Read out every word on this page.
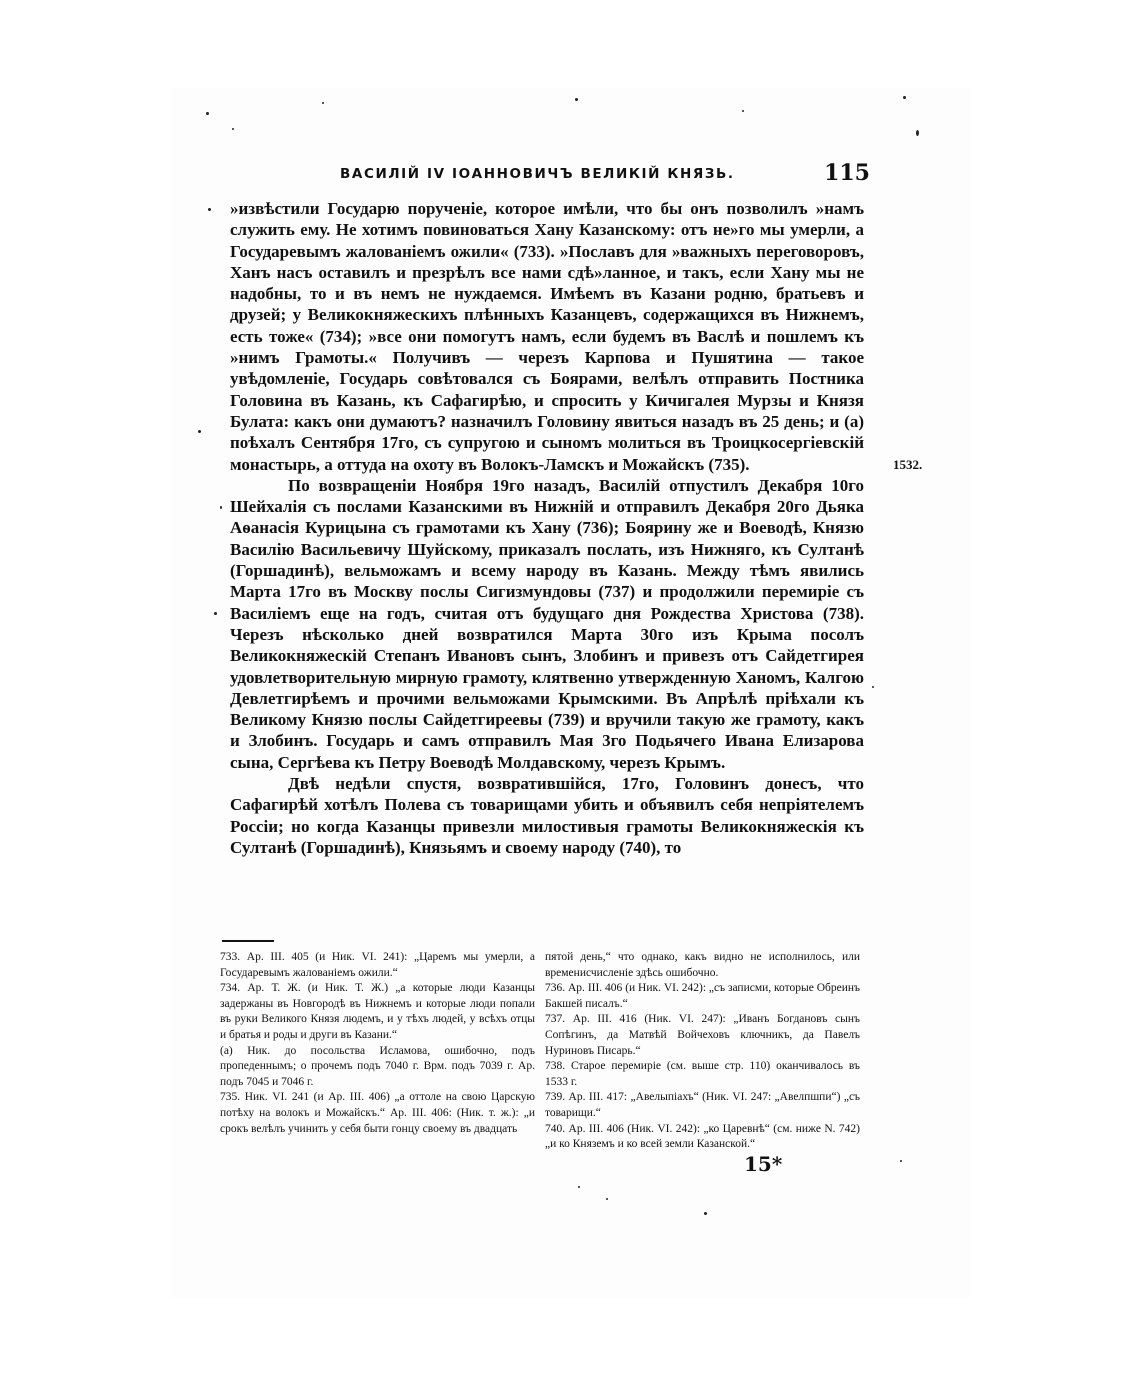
ВАСИЛІЙ IV ІОАННОВИЧЪ ВЕЛИКІЙ КНЯЗЬ.	115

»извѣстили Государю порученіе, которое имѣли, что бы онъ позволилъ »намъ служить ему. Не хотимъ повиноваться Хану Казанскому: отъ не»го мы умерли, а Государевымъ жалованіемъ ожили« (733). »Пославъ для »важныхъ переговоровъ, Ханъ насъ оставилъ и презрѣлъ все нами сдѣ»ланное, и такъ, если Хану мы не надобны, то и въ немъ не нуждаемся. Имѣемъ въ Казани родню, братьевъ и друзей; у Великокняжескихъ плѣнныхъ Казанцевъ, содержащихся въ Нижнемъ, есть тоже« (734); »все они помогутъ намъ, если будемъ въ Васлѣ и пошлемъ къ »нимъ Грамоты.« Получивъ — черезъ Карпова и Пушятина — такое увѣдомленіе, Государь совѣтовался съ Боярами, велѣлъ отправить Постника Головина въ Казань, къ Сафагирѣю, и спросить у Кичигалея Мурзы и Князя Булата: какъ они думаютъ? назначилъ Головину явиться назадъ въ 25 день; и (а) поѣхалъ Сентября 17го, съ супругою и сыномъ молиться въ Троицкосергіевскій монастырь, а оттуда на охоту въ Волокъ-Ламскъ и Можайскъ (735).

По возвращеніи Ноября 19го назадъ, Василій отпустилъ Декабря 10го Шейхалія съ послами Казанскими въ Нижній и отправилъ Декабря 20го Дьяка Аѳанасія Курицына съ грамотами къ Хану (736); Боярину же и Воеводѣ, Князю Василію Васильевичу Шуйскому, приказалъ послать, изъ Нижняго, къ Султанѣ (Горшадинѣ), вельможамъ и всему народу въ Казань. Между тѣмъ явились Марта 17го въ Москву послы Сигизмундовы (737) и продолжили перемиріе съ Василіемъ еще на годъ, считая отъ будущаго дня Рождества Христова (738). Черезъ нѣсколько дней возвратился Марта 30го изъ Крыма посолъ Великокняжескій Степанъ Ивановъ сынъ, Злобинъ и привезъ отъ Сайдетгирея удовлетворительную мирную грамоту, клятвенно утвержденную Ханомъ, Калгою Девлетгирѣемъ и прочими вельможами Крымскими. Въ Апрѣлѣ пріѣхали къ Великому Князю послы Сайдетгиреевы (739) и вручили такую же грамоту, какъ и Злобинъ. Государь и самъ отправилъ Мая 3го Подьячего Ивана Елизарова сына, Сергѣева къ Петру Воеводѣ Молдавскому, черезъ Крымъ.

Двѣ недѣли спустя, возвратившійся, 17го, Головинъ донесъ, что Сафагирѣй хотѣлъ Полева съ товарищами убить и объявилъ себя непріятелемъ Россіи; но когда Казанцы привезли милостивыя грамоты Великокняжескія къ Султанѣ (Горшадинѣ), Князьямъ и своему народу (740), то

1532.

733. Ар. III. 405 (и Ник. VI. 241): „Царемъ мы умерли, а Государевымъ жалованіемъ ожили.“

734. Ар. Т. Ж. (и Ник. Т. Ж.) „а которые люди Казанцы задержаны въ Новгородѣ въ Нижнемъ и которые люди попали въ руки Великого Князя людемъ, и у тѣхъ людей, у всѣхъ отцы и братья и роды и други въ Казани.“

(а) Ник. до посольства Исламова, ошибочно, подъ пропеденнымъ; о прочемъ подъ 7040 г. Врм. подъ 7039 г. Ар. подъ 7045 и 7046 г.

735. Ник. VI. 241 (и Ар. III. 406) „а оттоле на свою Царскую потѣху на волокъ и Можайскъ.“ Ар. III. 406: (Ник. т. ж.): „и срокъ велѣлъ учинить у себя быти гонцу своему въ двадцать

пятой день,“ что однако, какъ видно не исполнилось, или временисчисленіе здѣсь ошибочно.

736. Ар. III. 406 (и Ник. VI. 242): „съ записми, которые Обреинъ Бакшей писалъ.“

737. Ар. III. 416 (Ник. VI. 247): „Иванъ Богдановъ сынъ Сопѣгинъ, да Матвѣй Войчеховъ ключникъ, да Павелъ Нуриновъ Писарь.“

738. Старое перемиріе (см. выше стр. 110) оканчивалось въ 1533 г.

739. Ар. III. 417: „Авелыпіахъ“ (Ник. VI. 247: „Авелпшпи“) „съ товарищи.“

740. Ар. III. 406 (Ник. VI. 242): „ко Царевнѣ“ (см. ниже N. 742) „и ко Княземъ и ко всей земли Казанской.“

15*
